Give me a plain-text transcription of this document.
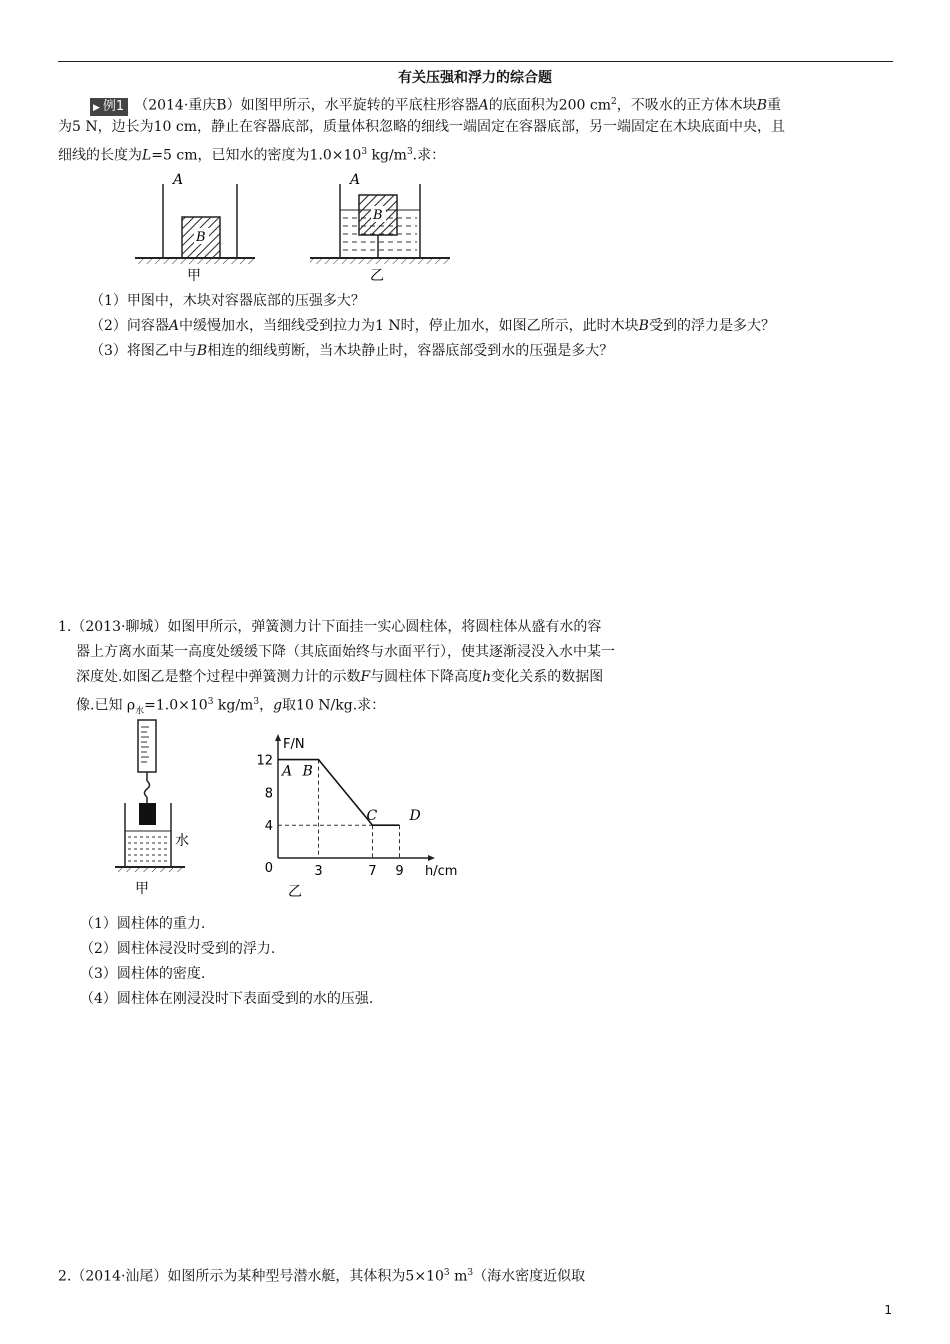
有关压强和浮力的综合题
▶ 例1 （2014·重庆B）如图甲所示，水平旋转的平底柱形容器A的底面积为200 $cm^2$，不吸水的正方体木块B重
为5 N，边长为10 cm，静止在容器底部，质量体积忽略的细线一端固定在容器底部，另一端固定在木块底面中央，且
细线的长度为L=5 cm，已知水的密度为$1.0\times 10^3$ $kg/m^3$.求：
A
B
甲
A
B
乙
（1）甲图中，木块对容器底部的压强多大？
（2）问容器A中缓慢加水，当细线受到拉力为1 N时，停止加水，如图乙所示，此时木块B受到的浮力是多大？
（3）将图乙中与B相连的细线剪断，当木块静止时，容器底部受到水的压强是多大？
1.（2013·聊城）如图甲所示，弹簧测力计下面挂一实心圆柱体，将圆柱体从盛有水的容
器上方离水面某一高度处缓缓下降（其底面始终与水面平行），使其逐渐浸没入水中某一
深度处.如图乙是整个过程中弹簧测力计的示数F与圆柱体下降高度h变化关系的数据图
像.已知 $\rho_水=1.0\times 10^3$ $kg/m^3$，g取10 N/kg.求：
水
甲
F/N
h/cm
12
8
4
0	3	7 9
A B
C D
乙
（1）圆柱体的重力.
（2）圆柱体浸没时受到的浮力.
（3）圆柱体的密度.
（4）圆柱体在刚浸没时下表面受到的水的压强.
2.（2014·汕尾）如图所示为某种型号潜水艇，其体积为$5\times 10^3$ $m^3$（海水密度近似取
1
